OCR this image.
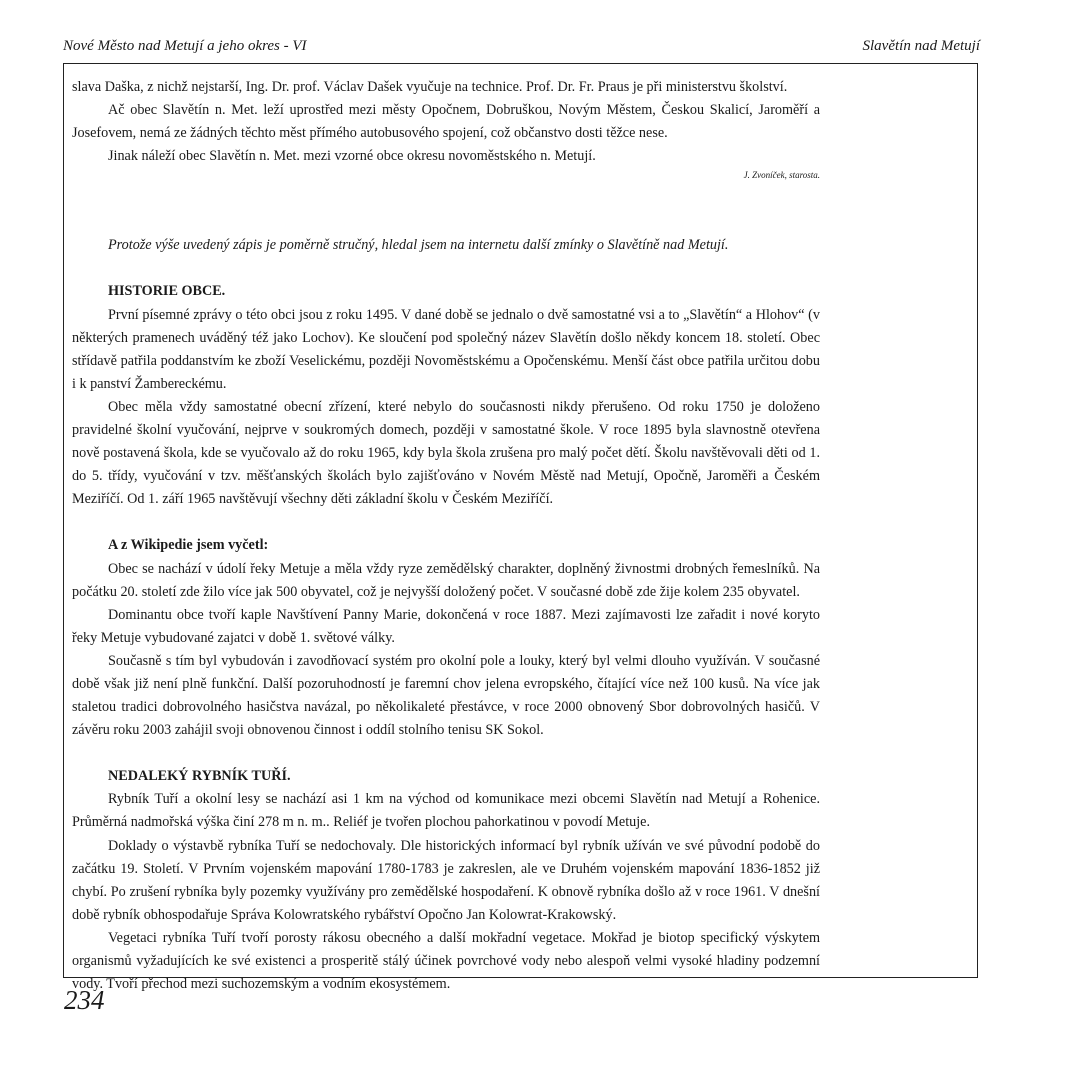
Nové Město nad Metují a jeho okres - VI	Slavětín nad Metují

slava Daška, z nichž nejstarší, Ing. Dr. prof. Václav Dašek vyučuje na technice. Prof. Dr. Fr. Praus je při ministerstvu školství.

Ač obec Slavětín n. Met. leží uprostřed mezi městy Opočnem, Dobruškou, Novým Městem, Českou Skalicí, Jaroměří a Josefovem, nemá ze žádných těchto měst přímého autobusového spojení, což občanstvo dosti těžce nese.

Jinak náleží obec Slavětín n. Met. mezi vzorné obce okresu novoměstského n. Metují.

J. Zvoníček, starosta.

Protože výše uvedený zápis je poměrně stručný, hledal jsem na internetu další zmínky o Slavětíně nad Metují.

HISTORIE OBCE.

První písemné zprávy o této obci jsou z roku 1495. V dané době se jednalo o dvě samostatné vsi a to „Slavětín“ a Hlohov“ (v některých pramenech uváděný též jako Lochov). Ke sloučení pod společný název Slavětín došlo někdy koncem 18. století. Obec střídavě patřila poddanstvím ke zboží Veselickému, později Novoměstskému a Opočenskému. Menší část obce patřila určitou dobu i k panství Žambereckému.

Obec měla vždy samostatné obecní zřízení, které nebylo do současnosti nikdy přerušeno. Od roku 1750 je doloženo pravidelné školní vyučování, nejprve v soukromých domech, později v samostatné škole. V roce 1895 byla slavnostně otevřena nově postavená škola, kde se vyučovalo až do roku 1965, kdy byla škola zrušena pro malý počet dětí. Školu navštěvovali děti od 1. do 5. třídy, vyučování v tzv. měšťanských školách bylo zajišťováno v Novém Městě nad Metují, Opočně, Jaroměři a Českém Meziříčí. Od 1. září 1965 navštěvují všechny děti základní školu v Českém Meziříčí.

A z Wikipedie jsem vyčetl:

Obec se nachází v údolí řeky Metuje a měla vždy ryze zemědělský charakter, doplněný živnostmi drobných řemeslníků. Na počátku 20. století zde žilo více jak 500 obyvatel, což je nejvyšší doložený počet. V současné době zde žije kolem 235 obyvatel.

Dominantu obce tvoří kaple Navštívení Panny Marie, dokončená v roce 1887. Mezi zajímavosti lze zařadit i nové koryto řeky Metuje vybudované zajatci v době 1. světové války.

Současně s tím byl vybudován i zavodňovací systém pro okolní pole a louky, který byl velmi dlouho využíván. V současné době však již není plně funkční. Další pozoruhodností je faremní chov jelena evropského, čítající více než 100 kusů. Na více jak staletou tradici dobrovolného hasičstva navázal, po několikaleté přestávce, v roce 2000 obnovený Sbor dobrovolných hasičů. V závěru roku 2003 zahájil svoji obnovenou činnost i oddíl stolního tenisu SK Sokol.

NEDALEKÝ RYBNÍK TUŘÍ.

Rybník Tuří a okolní lesy se nachází asi 1 km na východ od komunikace mezi obcemi Slavětín nad Metují a Rohenice. Průměrná nadmořská výška činí 278 m n. m.. Reliéf je tvořen plochou pahorkatinou v povodí Metuje.

Doklady o výstavbě rybníka Tuří se nedochovaly. Dle historických informací byl rybník užíván ve své původní podobě do začátku 19. Století. V Prvním vojenském mapování 1780-1783 je zakreslen, ale ve Druhém vojenském mapování 1836-1852 již chybí. Po zrušení rybníka byly pozemky využívány pro zemědělské hospodaření. K obnově rybníka došlo až v roce 1961. V dnešní době rybník obhospodařuje Správa Kolowratského rybářství Opočno Jan Kolowrat-Krakowský.

Vegetaci rybníka Tuří tvoří porosty rákosu obecného a další mokřadní vegetace. Mokřad je biotop specifický výskytem organismů vyžadujících ke své existenci a prosperitě stálý účinek povrchové vody nebo alespoň velmi vysoké hladiny podzemní vody. Tvoří přechod mezi suchozemským a vodním ekosystémem.

234
